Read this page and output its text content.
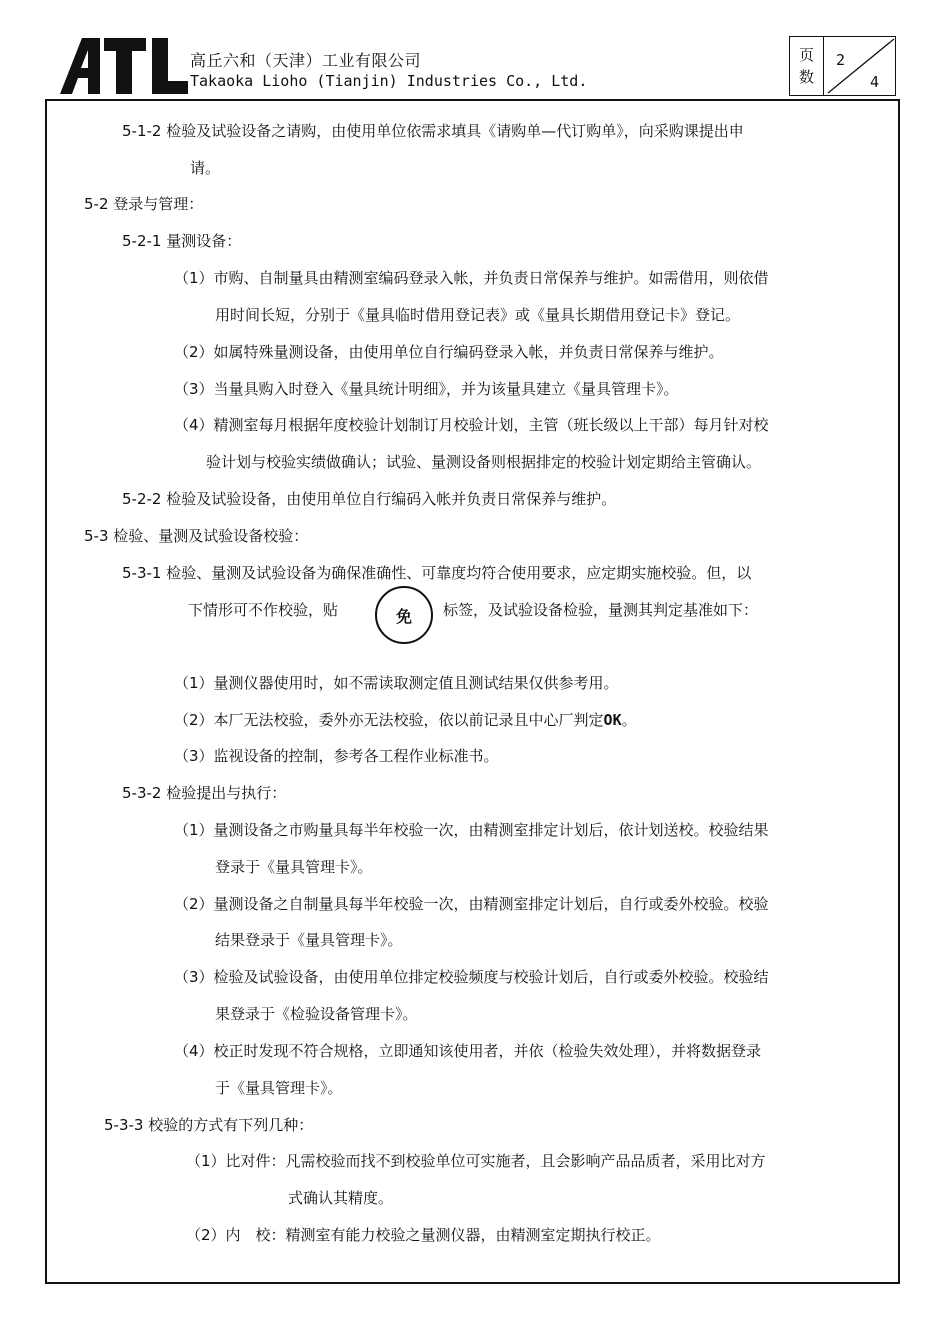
高丘六和（天津）工业有限公司
Takaoka Lioho (Tianjin) Industries Co., Ltd.
页数
2
4
5-1-2 检验及试验设备之请购，由使用单位依需求填具《请购单—代订购单》，向采购课提出申
请。
5-2 登录与管理：
5-2-1 量测设备：
（1）市购、自制量具由精测室编码登录入帐，并负责日常保养与维护。如需借用，则依借
用时间长短，分别于《量具临时借用登记表》或《量具长期借用登记卡》登记。
（2）如属特殊量测设备，由使用单位自行编码登录入帐，并负责日常保养与维护。
（3）当量具购入时登入《量具统计明细》，并为该量具建立《量具管理卡》。
（4）精测室每月根据年度校验计划制订月校验计划，主管（班长级以上干部）每月针对校
验计划与校验实绩做确认；试验、量测设备则根据排定的校验计划定期给主管确认。
5-2-2 检验及试验设备，由使用单位自行编码入帐并负责日常保养与维护。
5-3 检验、量测及试验设备校验：
5-3-1 检验、量测及试验设备为确保准确性、可靠度均符合使用要求，应定期实施校验。但，以
下情形可不作校验，贴	免	标签，及试验设备检验，量测其判定基准如下：
（1）量测仪器使用时，如不需读取测定值且测试结果仅供参考用。
（2）本厂无法校验，委外亦无法校验，依以前记录且中心厂判定OK。
（3）监视设备的控制，参考各工程作业标准书。
5-3-2 检验提出与执行：
（1）量测设备之市购量具每半年校验一次，由精测室排定计划后，依计划送校。校验结果
登录于《量具管理卡》。
（2）量测设备之自制量具每半年校验一次，由精测室排定计划后，自行或委外校验。校验
结果登录于《量具管理卡》。
（3）检验及试验设备，由使用单位排定校验频度与校验计划后，自行或委外校验。校验结
果登录于《检验设备管理卡》。
（4）校正时发现不符合规格，立即通知该使用者，并依（检验失效处理），并将数据登录
于《量具管理卡》。
5-3-3 校验的方式有下列几种：
（1）比对件：凡需校验而找不到校验单位可实施者，且会影响产品品质者，采用比对方
式确认其精度。
（2）内　校：精测室有能力校验之量测仪器，由精测室定期执行校正。
